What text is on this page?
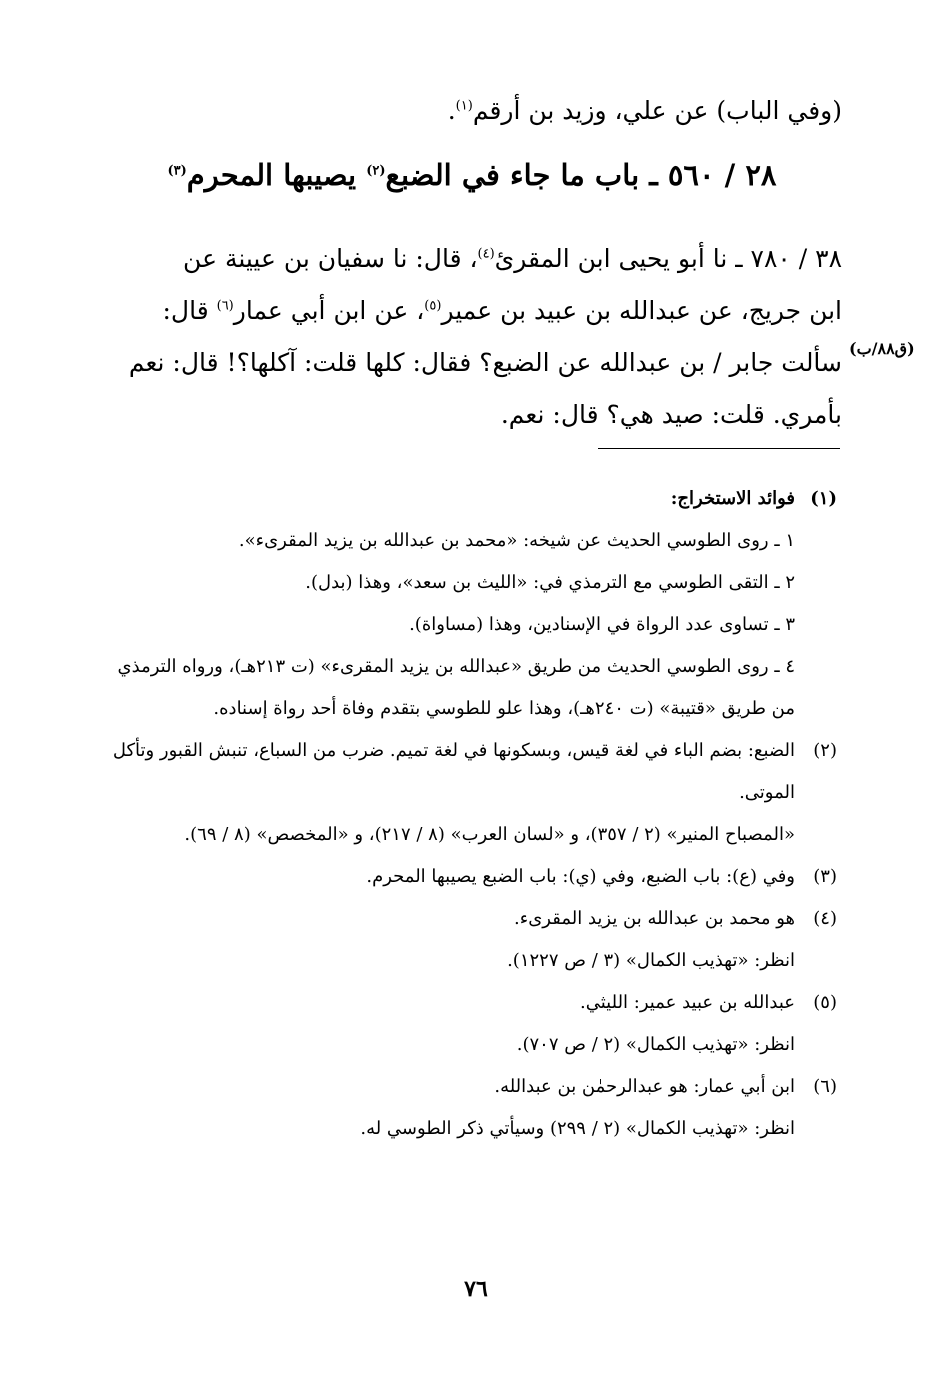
(وفي الباب) عن علي، وزيد بن أرقم$^{(١)}$.
٢٨ / ٥٦٠ ـ باب ما جاء في الضبع$^{(٢)}$ يصيبها المحرم$^{(٣)}$
٣٨ / ٧٨٠ ـ نا أبو يحيى ابن المقرئ$^{(٤)}$، قال: نا سفيان بن عيينة عن
ابن جريج، عن عبدالله بن عبيد بن عمير$^{(٥)}$، عن ابن أبي عمار$^{(٦)}$ قال:
سألت جابر / بن عبدالله عن الضبع؟ فقال: كلها قلت: آكلها؟! قال: نعم
بأمري. قلت: صيد هي؟ قال: نعم.
(ق٨٨/ب)
(١)
فوائد الاستخراج:
١ ـ روى الطوسي الحديث عن شيخه: «محمد بن عبدالله بن يزيد المقرىء».
٢ ـ التقى الطوسي مع الترمذي في: «الليث بن سعد»، وهذا (بدل).
٣ ـ تساوى عدد الرواة في الإسنادين، وهذا (مساواة).
٤ ـ روى الطوسي الحديث من طريق «عبدالله بن يزيد المقرىء» (ت ٢١٣هـ)، ورواه الترمذي من طريق «قتيبة» (ت ٢٤٠هـ)، وهذا علو للطوسي بتقدم وفاة أحد رواة إسناده.
(٢)
الضبع: بضم الباء في لغة قيس، وبسكونها في لغة تميم. ضرب من السباع، تنبش القبور وتأكل الموتى.
«المصباح المنير» (٢ / ٣٥٧)، و «لسان العرب» (٨ / ٢١٧)، و «المخصص» (٨ / ٦٩).
(٣)
وفي (ع): باب الضبع، وفي (ي): باب الضبع يصيبها المحرم.
(٤)
هو محمد بن عبدالله بن يزيد المقرىء.
انظر: «تهذيب الكمال» (٣ / ص ١٢٢٧).
(٥)
عبدالله بن عبيد عمير: الليثي.
انظر: «تهذيب الكمال» (٢ / ص ٧٠٧).
(٦)
ابن أبي عمار: هو عبدالرحمٰن بن عبدالله.
انظر: «تهذيب الكمال» (٢ / ٢٩٩) وسيأتي ذكر الطوسي له.
٧٦
